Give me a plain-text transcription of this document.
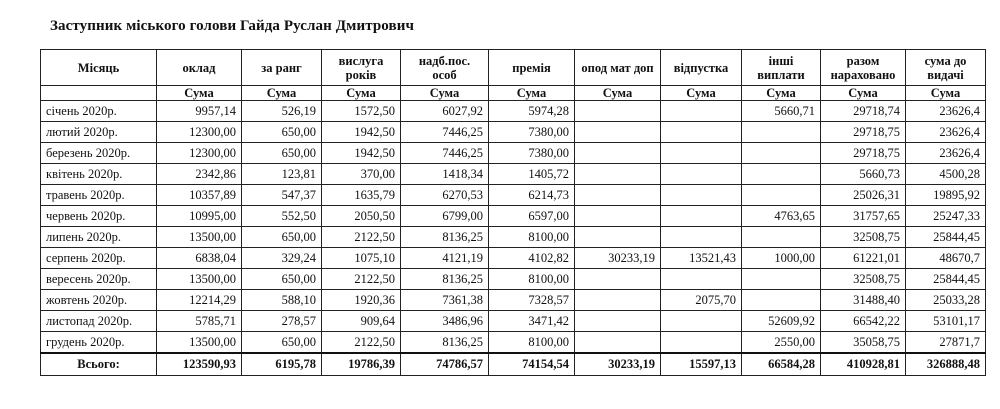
Заступник міського голови Гайда Руслан Дмитрович
Місяць	оклад	за ранг	вислуга років	надб.пос. особ	премія	опод мат доп	відпустка	інші виплати	разом нараховано	сума до видачі
	Сума	Сума	Сума	Сума	Сума	Сума	Сума	Сума	Сума	Сума
січень 2020р.	9957,14	526,19	1572,50	6027,92	5974,28			5660,71	29718,74	23626,4
лютий 2020р.	12300,00	650,00	1942,50	7446,25	7380,00				29718,75	23626,4
березень 2020р.	12300,00	650,00	1942,50	7446,25	7380,00				29718,75	23626,4
квітень 2020р.	2342,86	123,81	370,00	1418,34	1405,72				5660,73	4500,28
травень 2020р.	10357,89	547,37	1635,79	6270,53	6214,73				25026,31	19895,92
червень 2020р.	10995,00	552,50	2050,50	6799,00	6597,00			4763,65	31757,65	25247,33
липень 2020р.	13500,00	650,00	2122,50	8136,25	8100,00				32508,75	25844,45
серпень 2020р.	6838,04	329,24	1075,10	4121,19	4102,82	30233,19	13521,43	1000,00	61221,01	48670,7
вересень 2020р.	13500,00	650,00	2122,50	8136,25	8100,00				32508,75	25844,45
жовтень 2020р.	12214,29	588,10	1920,36	7361,38	7328,57		2075,70		31488,40	25033,28
листопад 2020р.	5785,71	278,57	909,64	3486,96	3471,42			52609,92	66542,22	53101,17
грудень 2020р.	13500,00	650,00	2122,50	8136,25	8100,00			2550,00	35058,75	27871,7
Всього:	123590,93	6195,78	19786,39	74786,57	74154,54	30233,19	15597,13	66584,28	410928,81	326888,48
